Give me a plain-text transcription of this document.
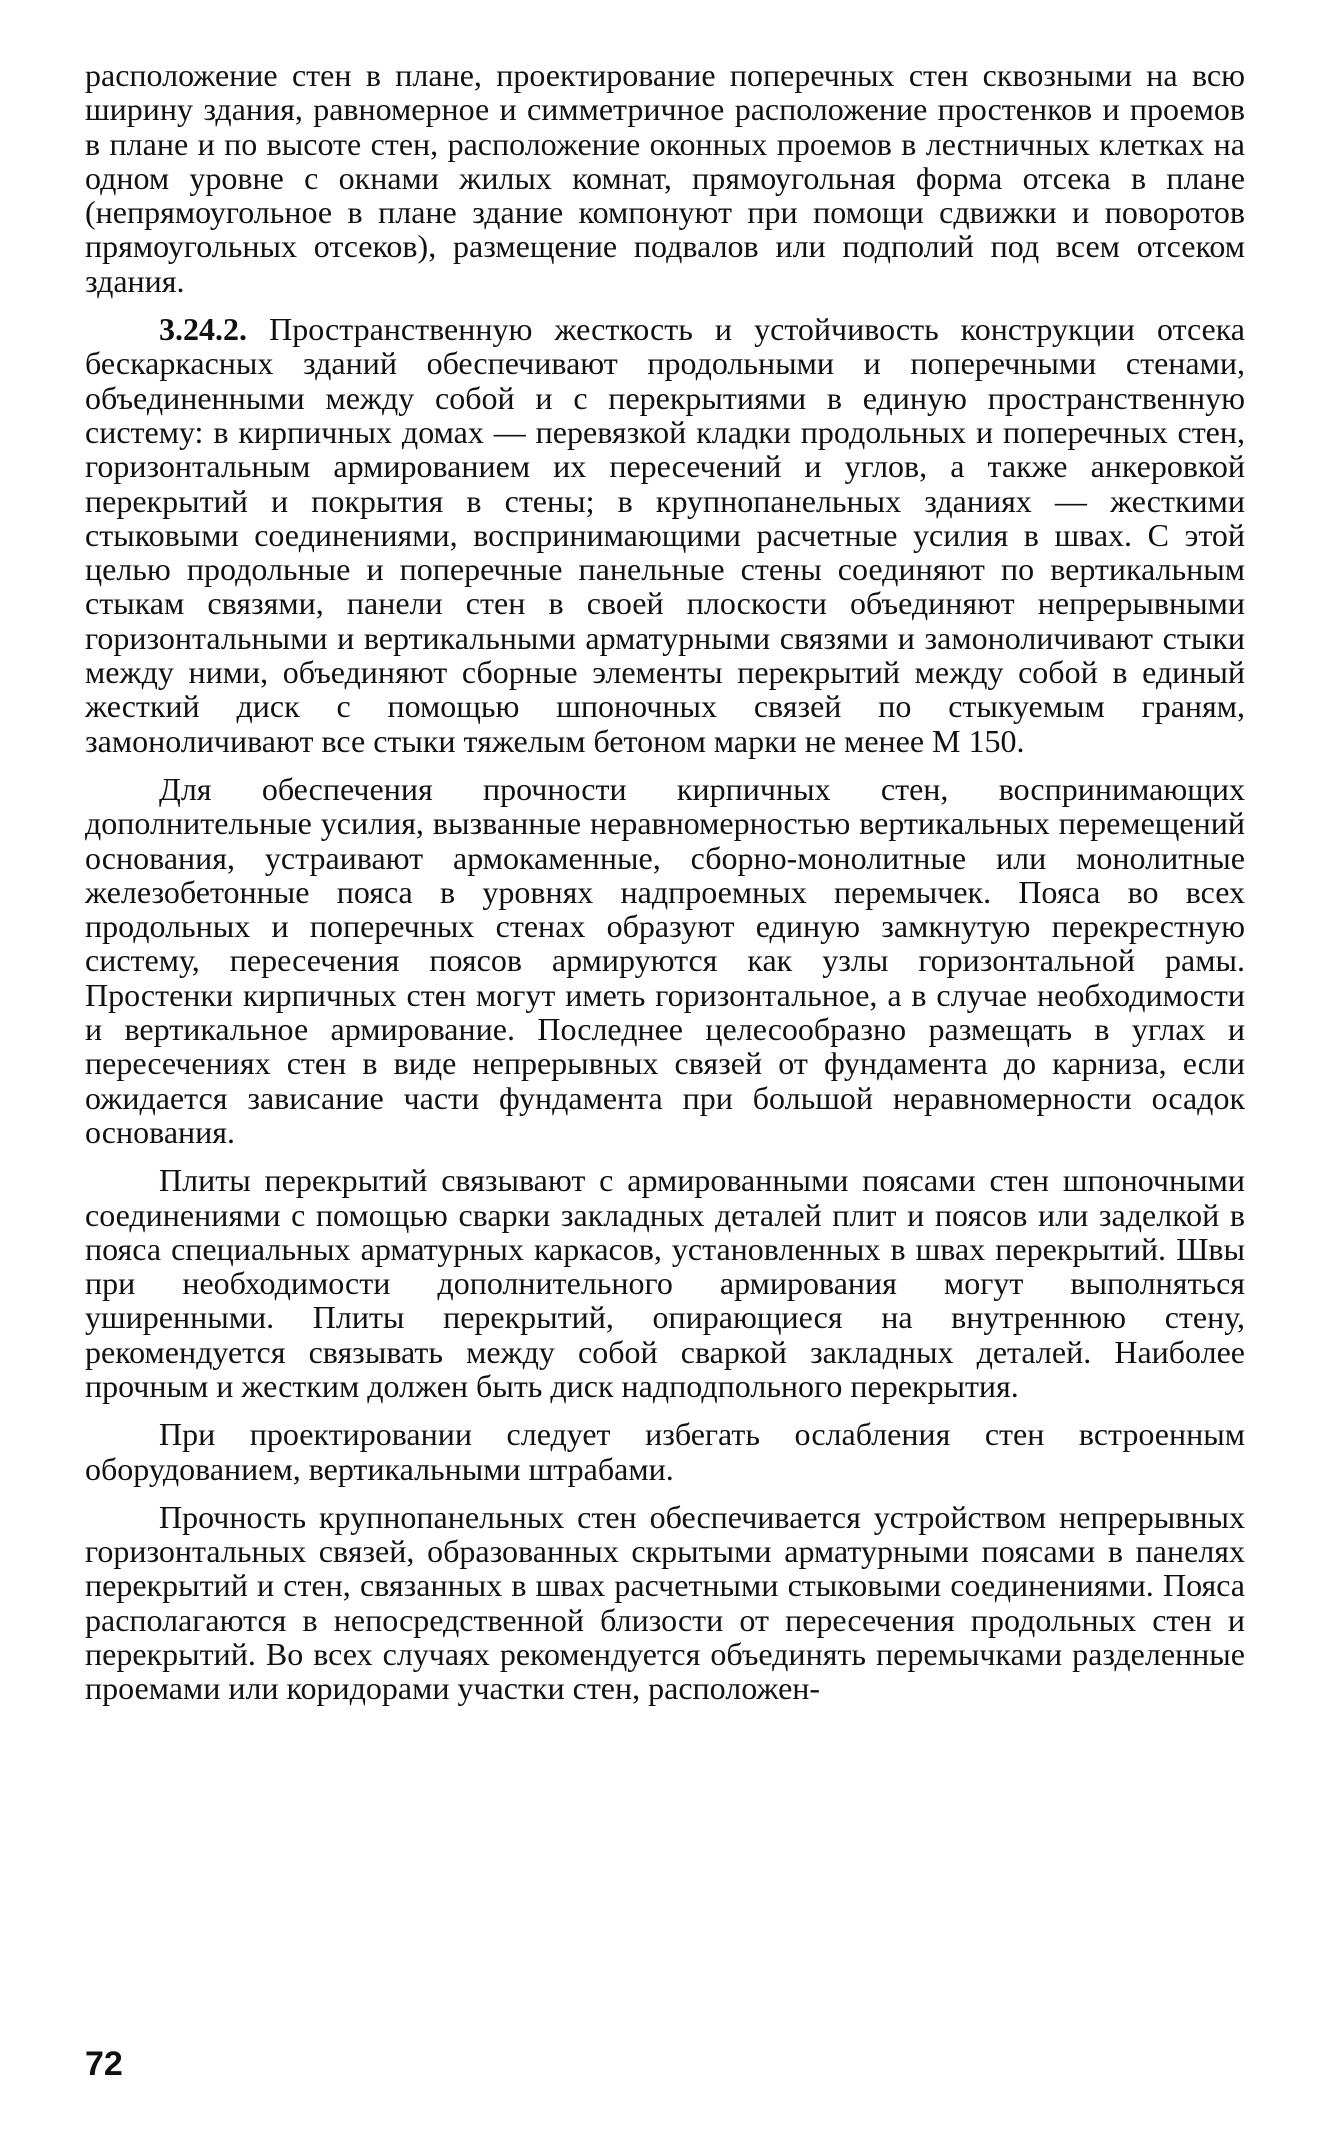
расположение стен в плане, проектирование поперечных стен сквозными на всю ширину здания, равномерное и симметричное расположение простенков и проемов в плане и по высоте стен, расположение оконных проемов в лестничных клетках на одном уровне с окнами жилых комнат, прямоугольная форма отсека в плане (непрямоугольное в плане здание компонуют при помощи сдвижки и поворотов прямоугольных отсеков), размещение подвалов или подполий под всем отсеком здания.

3.24.2. Пространственную жесткость и устойчивость конструкции отсека бескаркасных зданий обеспечивают продольными и поперечными стенами, объединенными между собой и с перекрытиями в единую пространственную систему: в кирпичных домах — перевязкой кладки продольных и поперечных стен, горизонтальным армированием их пересечений и углов, а также анкеровкой перекрытий и покрытия в стены; в крупнопанельных зданиях — жесткими стыковыми соединениями, воспринимающими расчетные усилия в швах. С этой целью продольные и поперечные панельные стены соединяют по вертикальным стыкам связями, панели стен в своей плоскости объединяют непрерывными горизонтальными и вертикальными арматурными связями и замоноличивают стыки между ними, объединяют сборные элементы перекрытий между собой в единый жесткий диск с помощью шпоночных связей по стыкуемым граням, замоноличивают все стыки тяжелым бетоном марки не менее М 150.

Для обеспечения прочности кирпичных стен, воспринимающих дополнительные усилия, вызванные неравномерностью вертикальных перемещений основания, устраивают армокаменные, сборно-монолитные или монолитные железобетонные пояса в уровнях надпроемных перемычек. Пояса во всех продольных и поперечных стенах образуют единую замкнутую перекрестную систему, пересечения поясов армируются как узлы горизонтальной рамы. Простенки кирпичных стен могут иметь горизонтальное, а в случае необходимости и вертикальное армирование. Последнее целесообразно размещать в углах и пересечениях стен в виде непрерывных связей от фундамента до карниза, если ожидается зависание части фундамента при большой неравномерности осадок основания.

Плиты перекрытий связывают с армированными поясами стен шпоночными соединениями с помощью сварки закладных деталей плит и поясов или заделкой в пояса специальных арматурных каркасов, установленных в швах перекрытий. Швы при необходимости дополнительного армирования могут выполняться уширенными. Плиты перекрытий, опирающиеся на внутреннюю стену, рекомендуется связывать между собой сваркой закладных деталей. Наиболее прочным и жестким должен быть диск надподпольного перекрытия.

При проектировании следует избегать ослабления стен встроенным оборудованием, вертикальными штрабами.

Прочность крупнопанельных стен обеспечивается устройством непрерывных горизонтальных связей, образованных скрытыми арматурными поясами в панелях перекрытий и стен, связанных в швах расчетными стыковыми соединениями. Пояса располагаются в непосредственной близости от пересечения продольных стен и перекрытий. Во всех случаях рекомендуется объединять перемычками разделенные проемами или коридорами участки стен, расположен-

72
